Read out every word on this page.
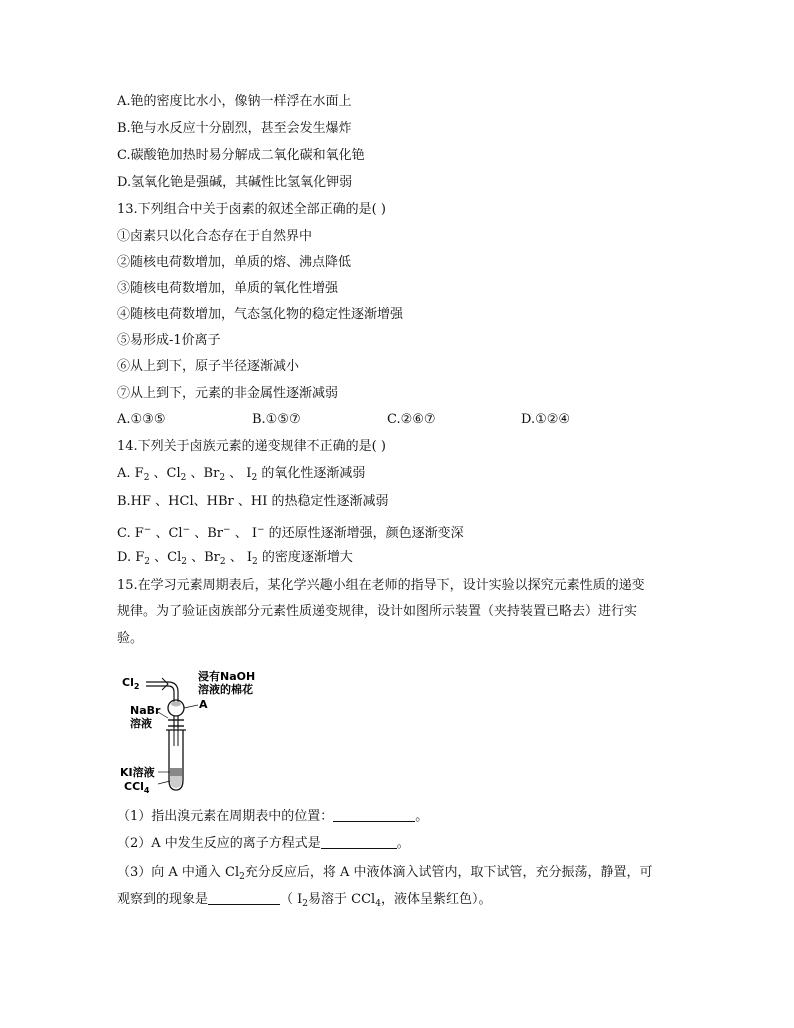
A.铯的密度比水小，像钠一样浮在水面上
B.铯与水反应十分剧烈，甚至会发生爆炸
C.碳酸铯加热时易分解成二氧化碳和氧化铯
D.氢氧化铯是强碱，其碱性比氢氧化钾弱
13.下列组合中关于卤素的叙述全部正确的是( )
①卤素只以化合态存在于自然界中
②随核电荷数增加，单质的熔、沸点降低
③随核电荷数增加，单质的氧化性增强
④随核电荷数增加，气态氢化物的稳定性逐渐增强
⑤易形成-1价离子
⑥从上到下，原子半径逐渐减小
⑦从上到下，元素的非金属性逐渐减弱
A.①③⑤	B.①⑤⑦	C.②⑥⑦	D.①②④
14.下列关于卤族元素的递变规律不正确的是( )
A. $F_2$ 、$Cl_2$ 、$Br_2$ 、 $I_2$ 的氧化性逐渐减弱
B.HF 、HCl、HBr 、HI 的热稳定性逐渐减弱
C. F− 、Cl− 、Br− 、 I− 的还原性逐渐增强，颜色逐渐变深
D. $F_2$ 、$Cl_2$ 、$Br_2$ 、 $I_2$ 的密度逐渐增大
15.在学习元素周期表后，某化学兴趣小组在老师的指导下，设计实验以探究元素性质的递变
规律。为了验证卤族部分元素性质递变规律，设计如图所示装置（夹持装置已略去）进行实
验。
$Cl_2$
浸有NaOH
溶液的棉花
A
NaBr
溶液
KI溶液
CCl$_4$
（1）指出溴元素在周期表中的位置：	。
（2）A 中发生反应的离子方程式是	。
（3）向 A 中通入 $Cl_2$充分反应后，将 A 中液体滴入试管内，取下试管，充分振荡，静置，可
观察到的现象是	（ $I_2$易溶于 CCl$_4$，液体呈紫红色）。
